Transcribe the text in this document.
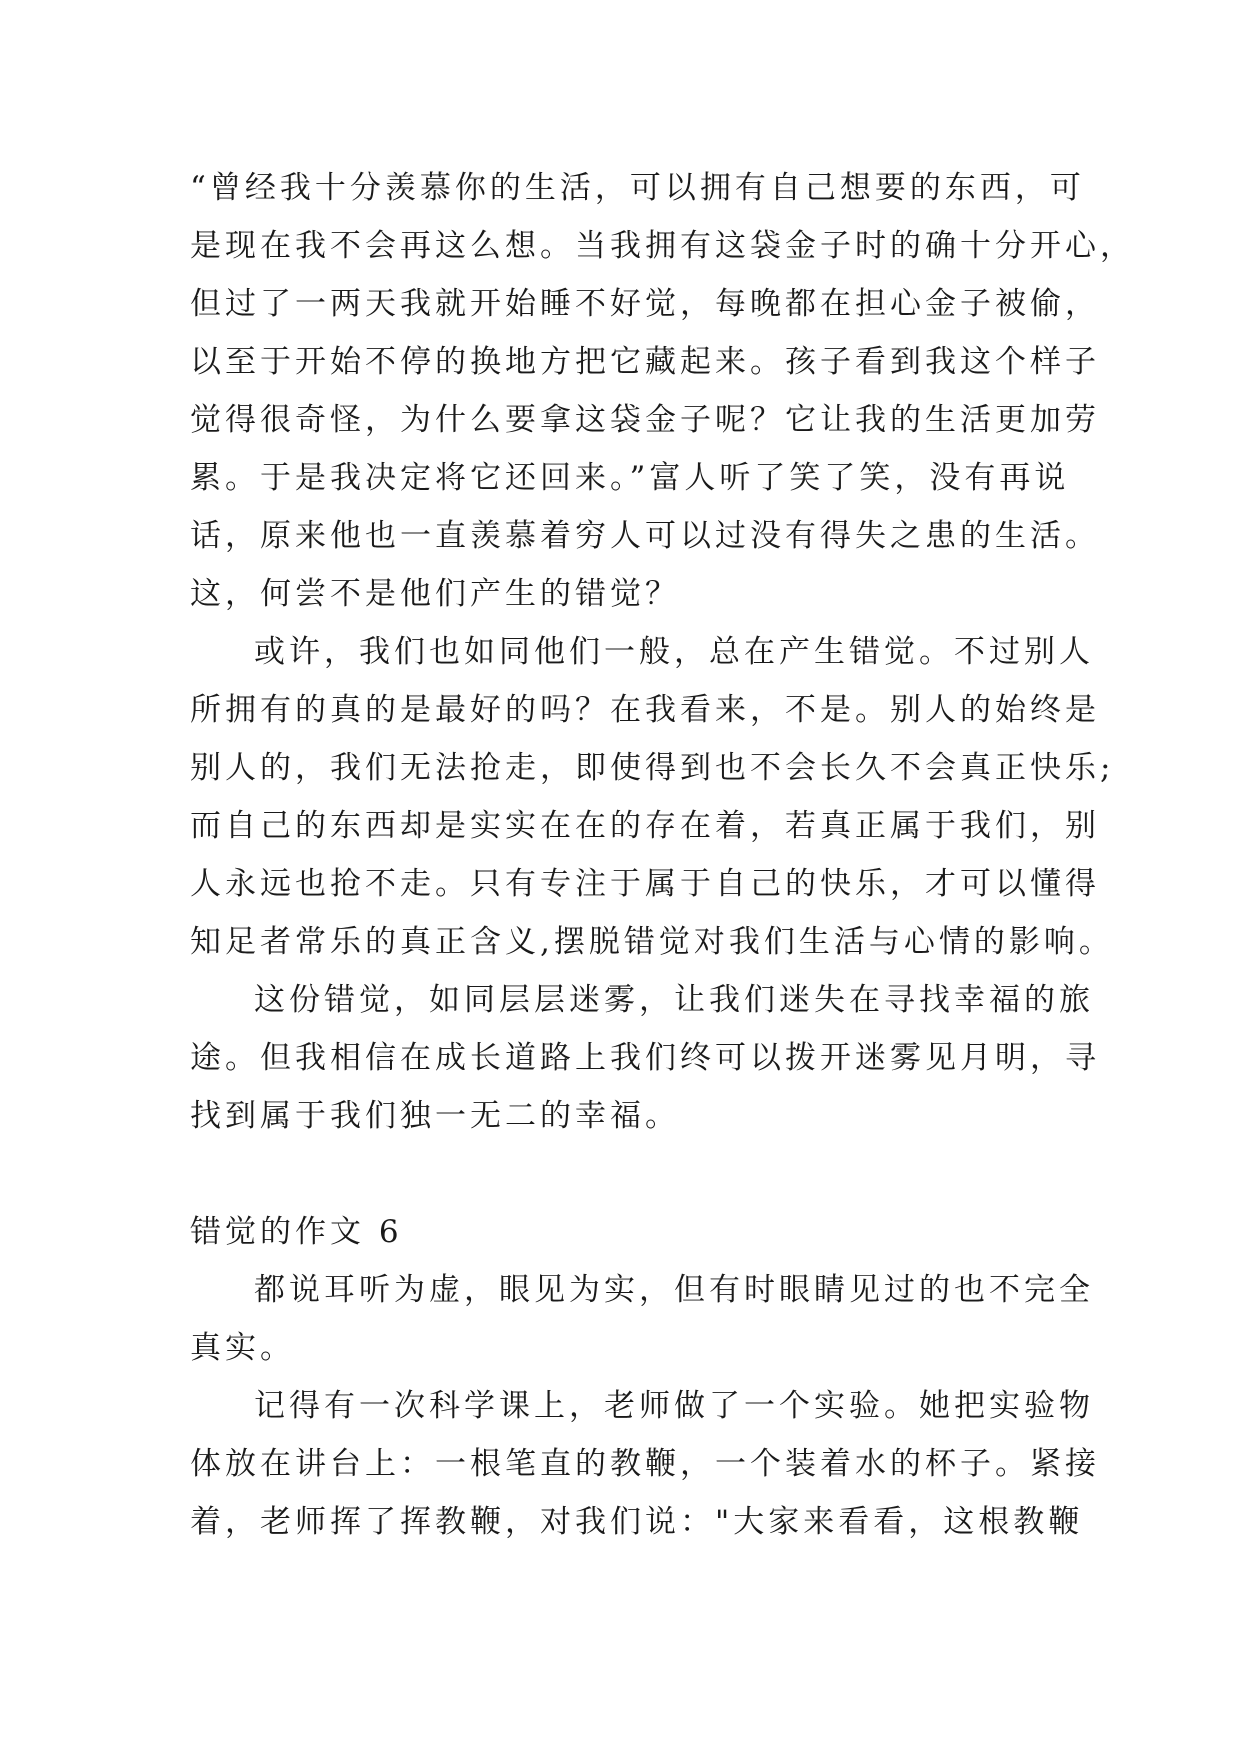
“曾经我十分羡慕你的生活，可以拥有自己想要的东西，可

是现在我不会再这么想。当我拥有这袋金子时的确十分开心，

但过了一两天我就开始睡不好觉，每晚都在担心金子被偷，

以至于开始不停的换地方把它藏起来。孩子看到我这个样子

觉得很奇怪，为什么要拿这袋金子呢？它让我的生活更加劳

累。于是我决定将它还回来。”富人听了笑了笑，没有再说

话，原来他也一直羡慕着穷人可以过没有得失之患的生活。

这，何尝不是他们产生的错觉？

或许，我们也如同他们一般，总在产生错觉。不过别人

所拥有的真的是最好的吗？在我看来，不是。别人的始终是

别人的，我们无法抢走，即使得到也不会长久不会真正快乐;

而自己的东西却是实实在在的存在着，若真正属于我们，别

人永远也抢不走。只有专注于属于自己的快乐，才可以懂得

知足者常乐的真正含义,摆脱错觉对我们生活与心情的影响。

这份错觉，如同层层迷雾，让我们迷失在寻找幸福的旅

途。但我相信在成长道路上我们终可以拨开迷雾见月明，寻

找到属于我们独一无二的幸福。

错觉的作文 6

都说耳听为虚，眼见为实，但有时眼睛见过的也不完全

真实。

记得有一次科学课上，老师做了一个实验。她把实验物

体放在讲台上：一根笔直的教鞭，一个装着水的杯子。紧接

着，老师挥了挥教鞭，对我们说："大家来看看，这根教鞭
